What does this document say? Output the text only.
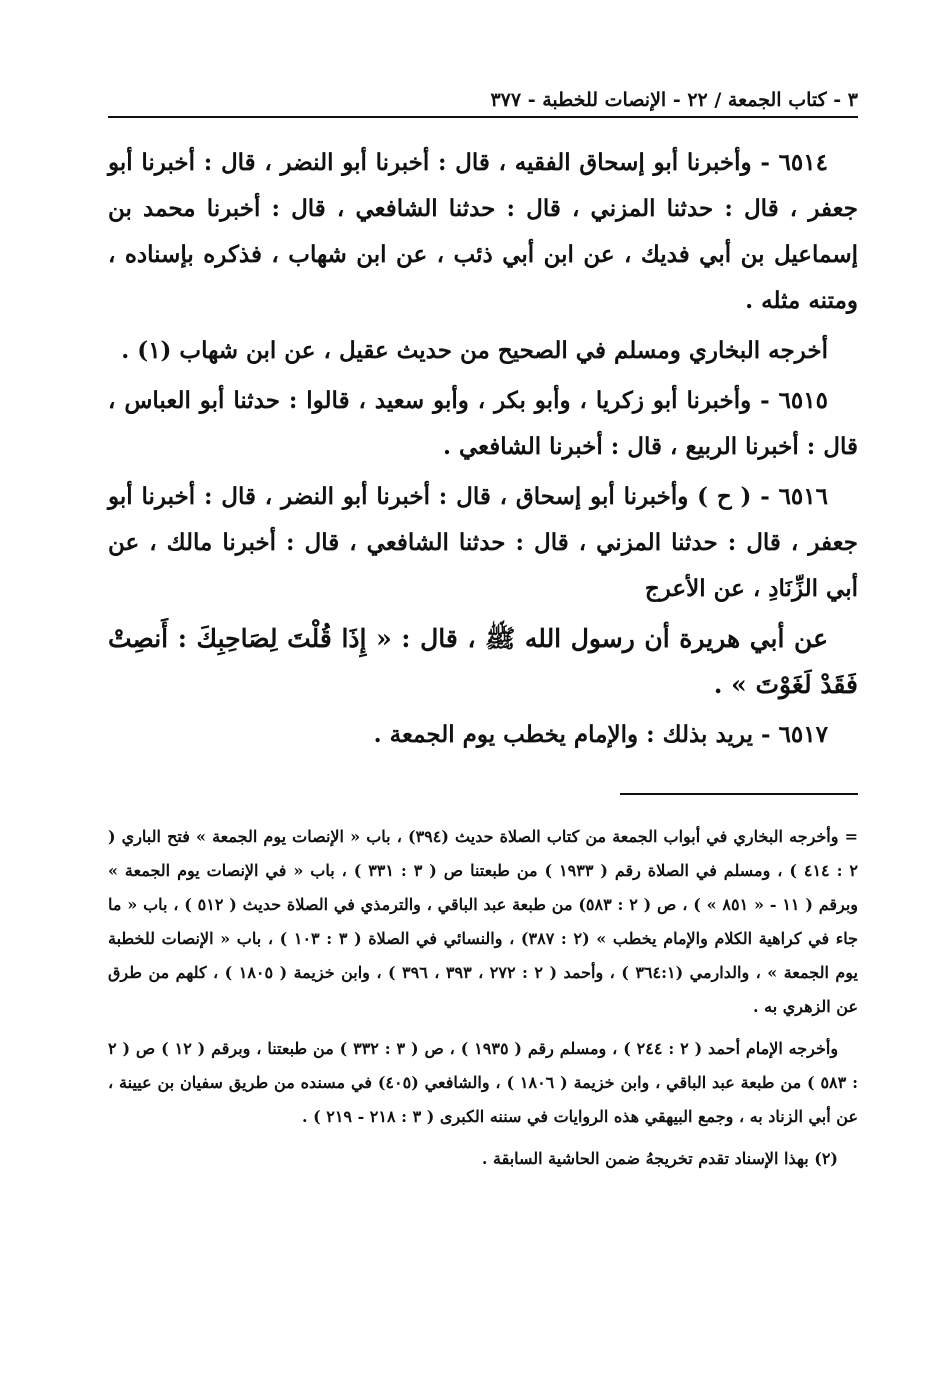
٣ - كتاب الجمعة / ٢٢ - الإنصات للخطبة - ٣٧٧

٦٥١٤ - وأخبرنا أبو إسحاق الفقيه ، قال : أخبرنا أبو النضر ، قال : أخبرنا أبو جعفر ، قال : حدثنا المزني ، قال : حدثنا الشافعي ، قال : أخبرنا محمد بن إسماعيل بن أبي فديك ، عن ابن أبي ذئب ، عن ابن شهاب ، فذكره بإسناده ، ومتنه مثله .

أخرجه البخاري ومسلم في الصحيح من حديث عقيل ، عن ابن شهاب (١) .

٦٥١٥ - وأخبرنا أبو زكريا ، وأبو بكر ، وأبو سعيد ، قالوا : حدثنا أبو العباس ، قال : أخبرنا الربيع ، قال : أخبرنا الشافعي .

٦٥١٦ - ( ح ) وأخبرنا أبو إسحاق ، قال : أخبرنا أبو النضر ، قال : أخبرنا أبو جعفر ، قال : حدثنا المزني ، قال : حدثنا الشافعي ، قال : أخبرنا مالك ، عن أبي الزِّنَادِ ، عن الأعرج

عن أبي هريرة أن رسول الله ﷺ ، قال : « إِذَا قُلْتَ لِصَاحِبِكَ : أَنصِتْ فَقَدْ لَغَوْتَ » .

٦٥١٧ - يريد بذلك : والإمام يخطب يوم الجمعة .

= وأخرجه البخاري في أبواب الجمعة من كتاب الصلاة حديث (٣٩٤) ، باب « الإنصات يوم الجمعة » فتح الباري ( ٢ : ٤١٤ ) ، ومسلم في الصلاة رقم ( ١٩٣٣ ) من طبعتنا ص ( ٣ : ٣٣١ ) ، باب « في الإنصات يوم الجمعة » وبرقم ( ١١ - « ٨٥١ » ) ، ص ( ٢ : ٥٨٣) من طبعة عبد الباقي ، والترمذي في الصلاة حديث ( ٥١٢ ) ، باب « ما جاء في كراهية الكلام والإمام يخطب » (٢ : ٣٨٧) ، والنسائي في الصلاة ( ٣ : ١٠٣ ) ، باب « الإنصات للخطبة يوم الجمعة » ، والدارمي (٣٦٤:١ ) ، وأحمد ( ٢ : ٢٧٢ ، ٣٩٣ ، ٣٩٦ ) ، وابن خزيمة ( ١٨٠٥ ) ، كلهم من طرق عن الزهري به .

وأخرجه الإمام أحمد ( ٢ : ٢٤٤ ) ، ومسلم رقم ( ١٩٣٥ ) ، ص ( ٣ : ٣٣٢ ) من طبعتنا ، وبرقم ( ١٢ ) ص ( ٢ : ٥٨٣ ) من طبعة عبد الباقي ، وابن خزيمة ( ١٨٠٦ ) ، والشافعي (٤٠٥) في مسنده من طريق سفيان بن عيينة ، عن أبي الزناد به ، وجمع البيهقي هذه الروايات في سننه الكبرى ( ٣ : ٢١٨ - ٢١٩ ) .

(٢) بهذا الإسناد تقدم تخريجهُ ضمن الحاشية السابقة .
